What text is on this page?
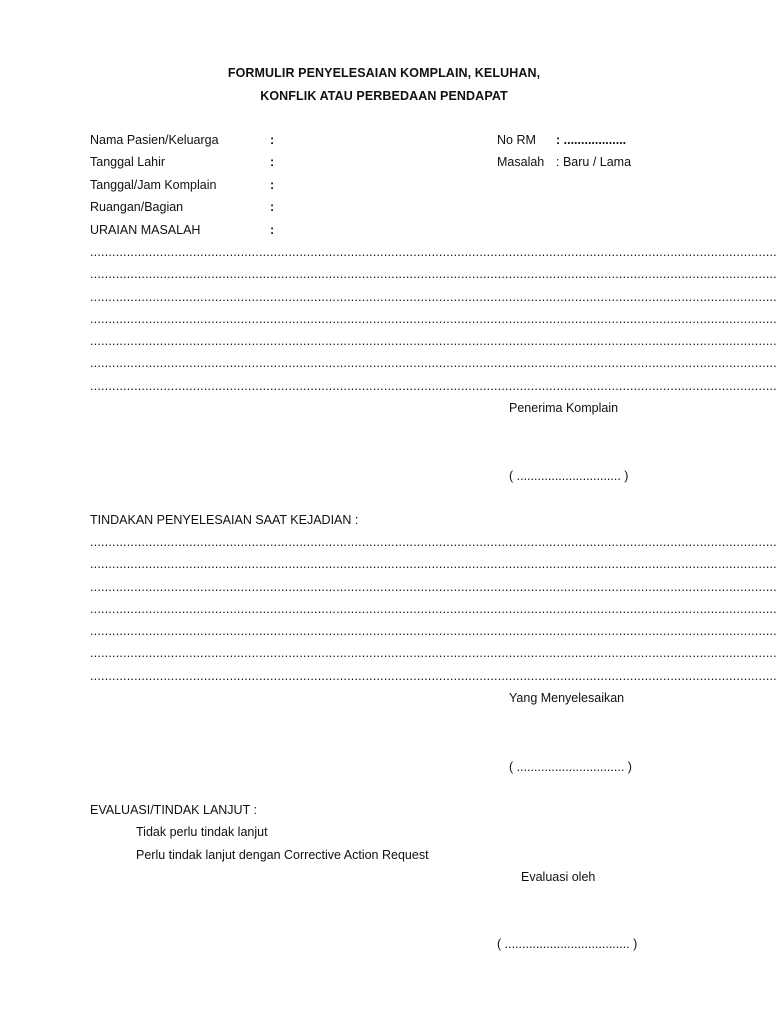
FORMULIR PENYELESAIAN KOMPLAIN, KELUHAN,
KONFLIK ATAU PERBEDAAN PENDAPAT
Nama Pasien/Keluarga	:
Tanggal Lahir	:
Tanggal/Jam Komplain	:
Ruangan/Bagian	:
URAIAN MASALAH	:
No RM : ..................
Masalah : Baru / Lama
...........................................................................................................................................................................................
...........................................................................................................................................................................................
...........................................................................................................................................................................................
...........................................................................................................................................................................................
...........................................................................................................................................................................................
...........................................................................................................................................................................................
...........................................................................................................................................................................................
Penerima Komplain
( .............................. )
TINDAKAN PENYELESAIAN SAAT KEJADIAN :
...........................................................................................................................................................................................
...........................................................................................................................................................................................
...........................................................................................................................................................................................
...........................................................................................................................................................................................
...........................................................................................................................................................................................
...........................................................................................................................................................................................
...........................................................................................................................................................................................
Yang Menyelesaikan
( ............................... )
EVALUASI/TINDAK LANJUT :
Tidak perlu tindak lanjut
Perlu tindak lanjut dengan Corrective Action Request
Evaluasi oleh
( .................................... )
